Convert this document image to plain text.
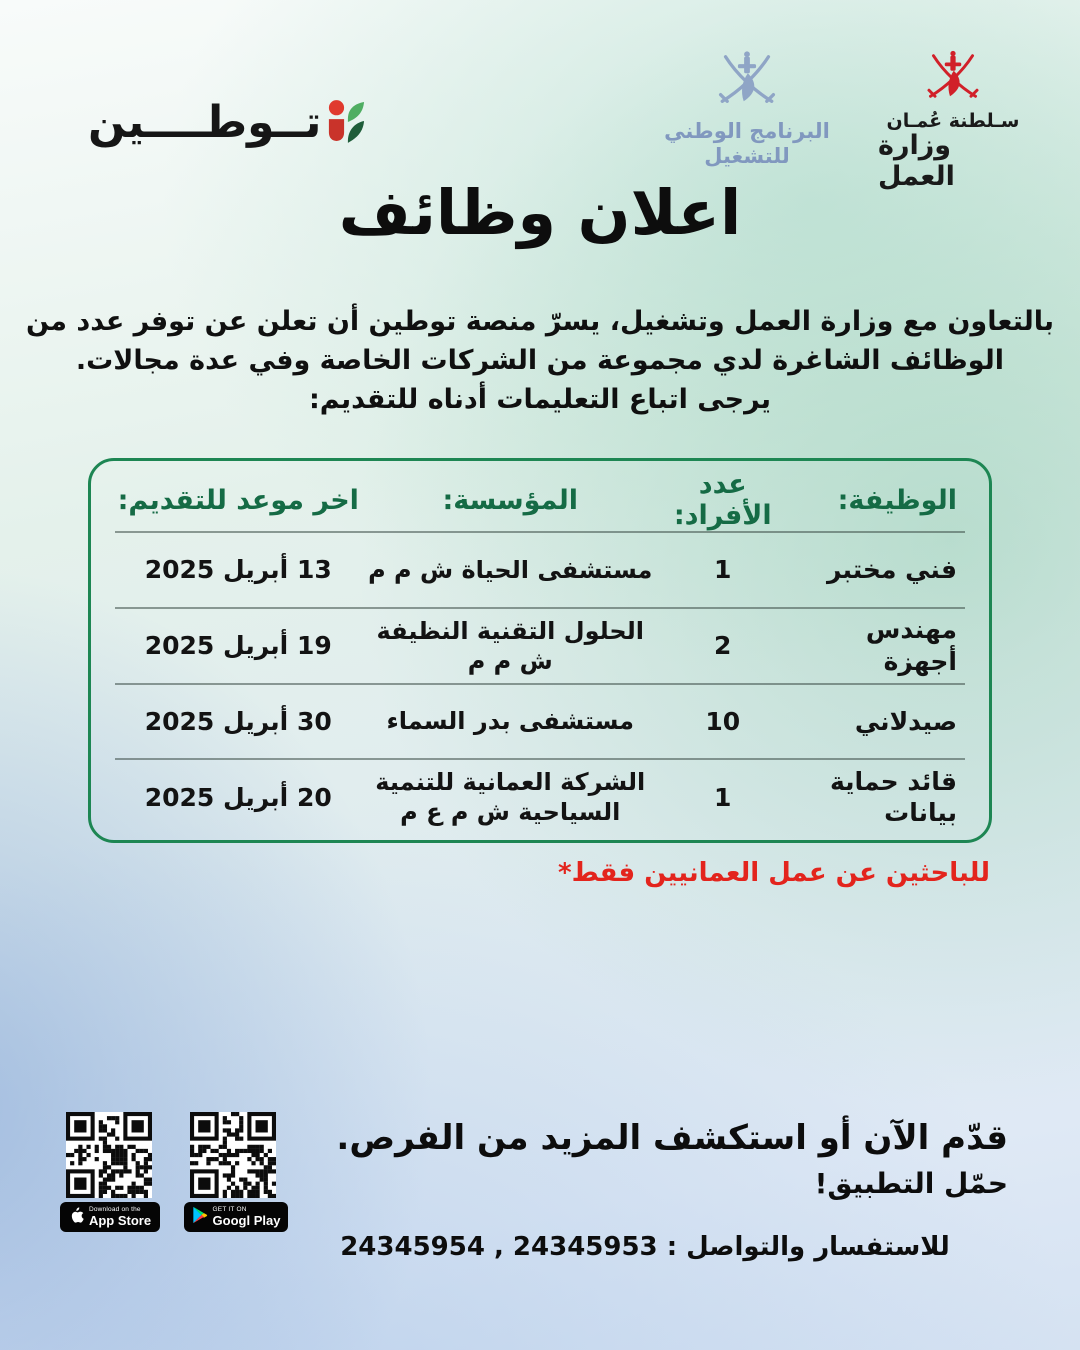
تــوطــــين	البرنامج الوطني
للتشغيل
سـلطنة عُمـان
وزارة العمل
اعلان وظائف
بالتعاون مع وزارة العمل وتشغيل، يسرّ منصة توطين أن تعلن عن توفر عدد من
الوظائف الشاغرة لدي مجموعة من الشركات الخاصة وفي عدة مجالات.
يرجى اتباع التعليمات أدناه للتقديم:
الوظيفة:
عدد الأفراد:
المؤسسة:
اخر موعد للتقديم:
فني مختبر
1
مستشفى الحياة ش م م
13 أبريل 2025
مهندس أجهزة
2
الحلول التقنية النظيفة ش م م
19 أبريل 2025
صيدلاني
10
مستشفى بدر السماء
30 أبريل 2025
قائد حماية بيانات
1
الشركة العمانية للتنمية السياحية ش م ع م
20 أبريل 2025
للباحثين عن عمل العمانيين فقط*
قدّم الآن أو استكشف المزيد من الفرص.
حمّل التطبيق!
Download on the
App Store
GET IT ON
Googl Play
للاستفسار والتواصل : 24345953 , 24345954
